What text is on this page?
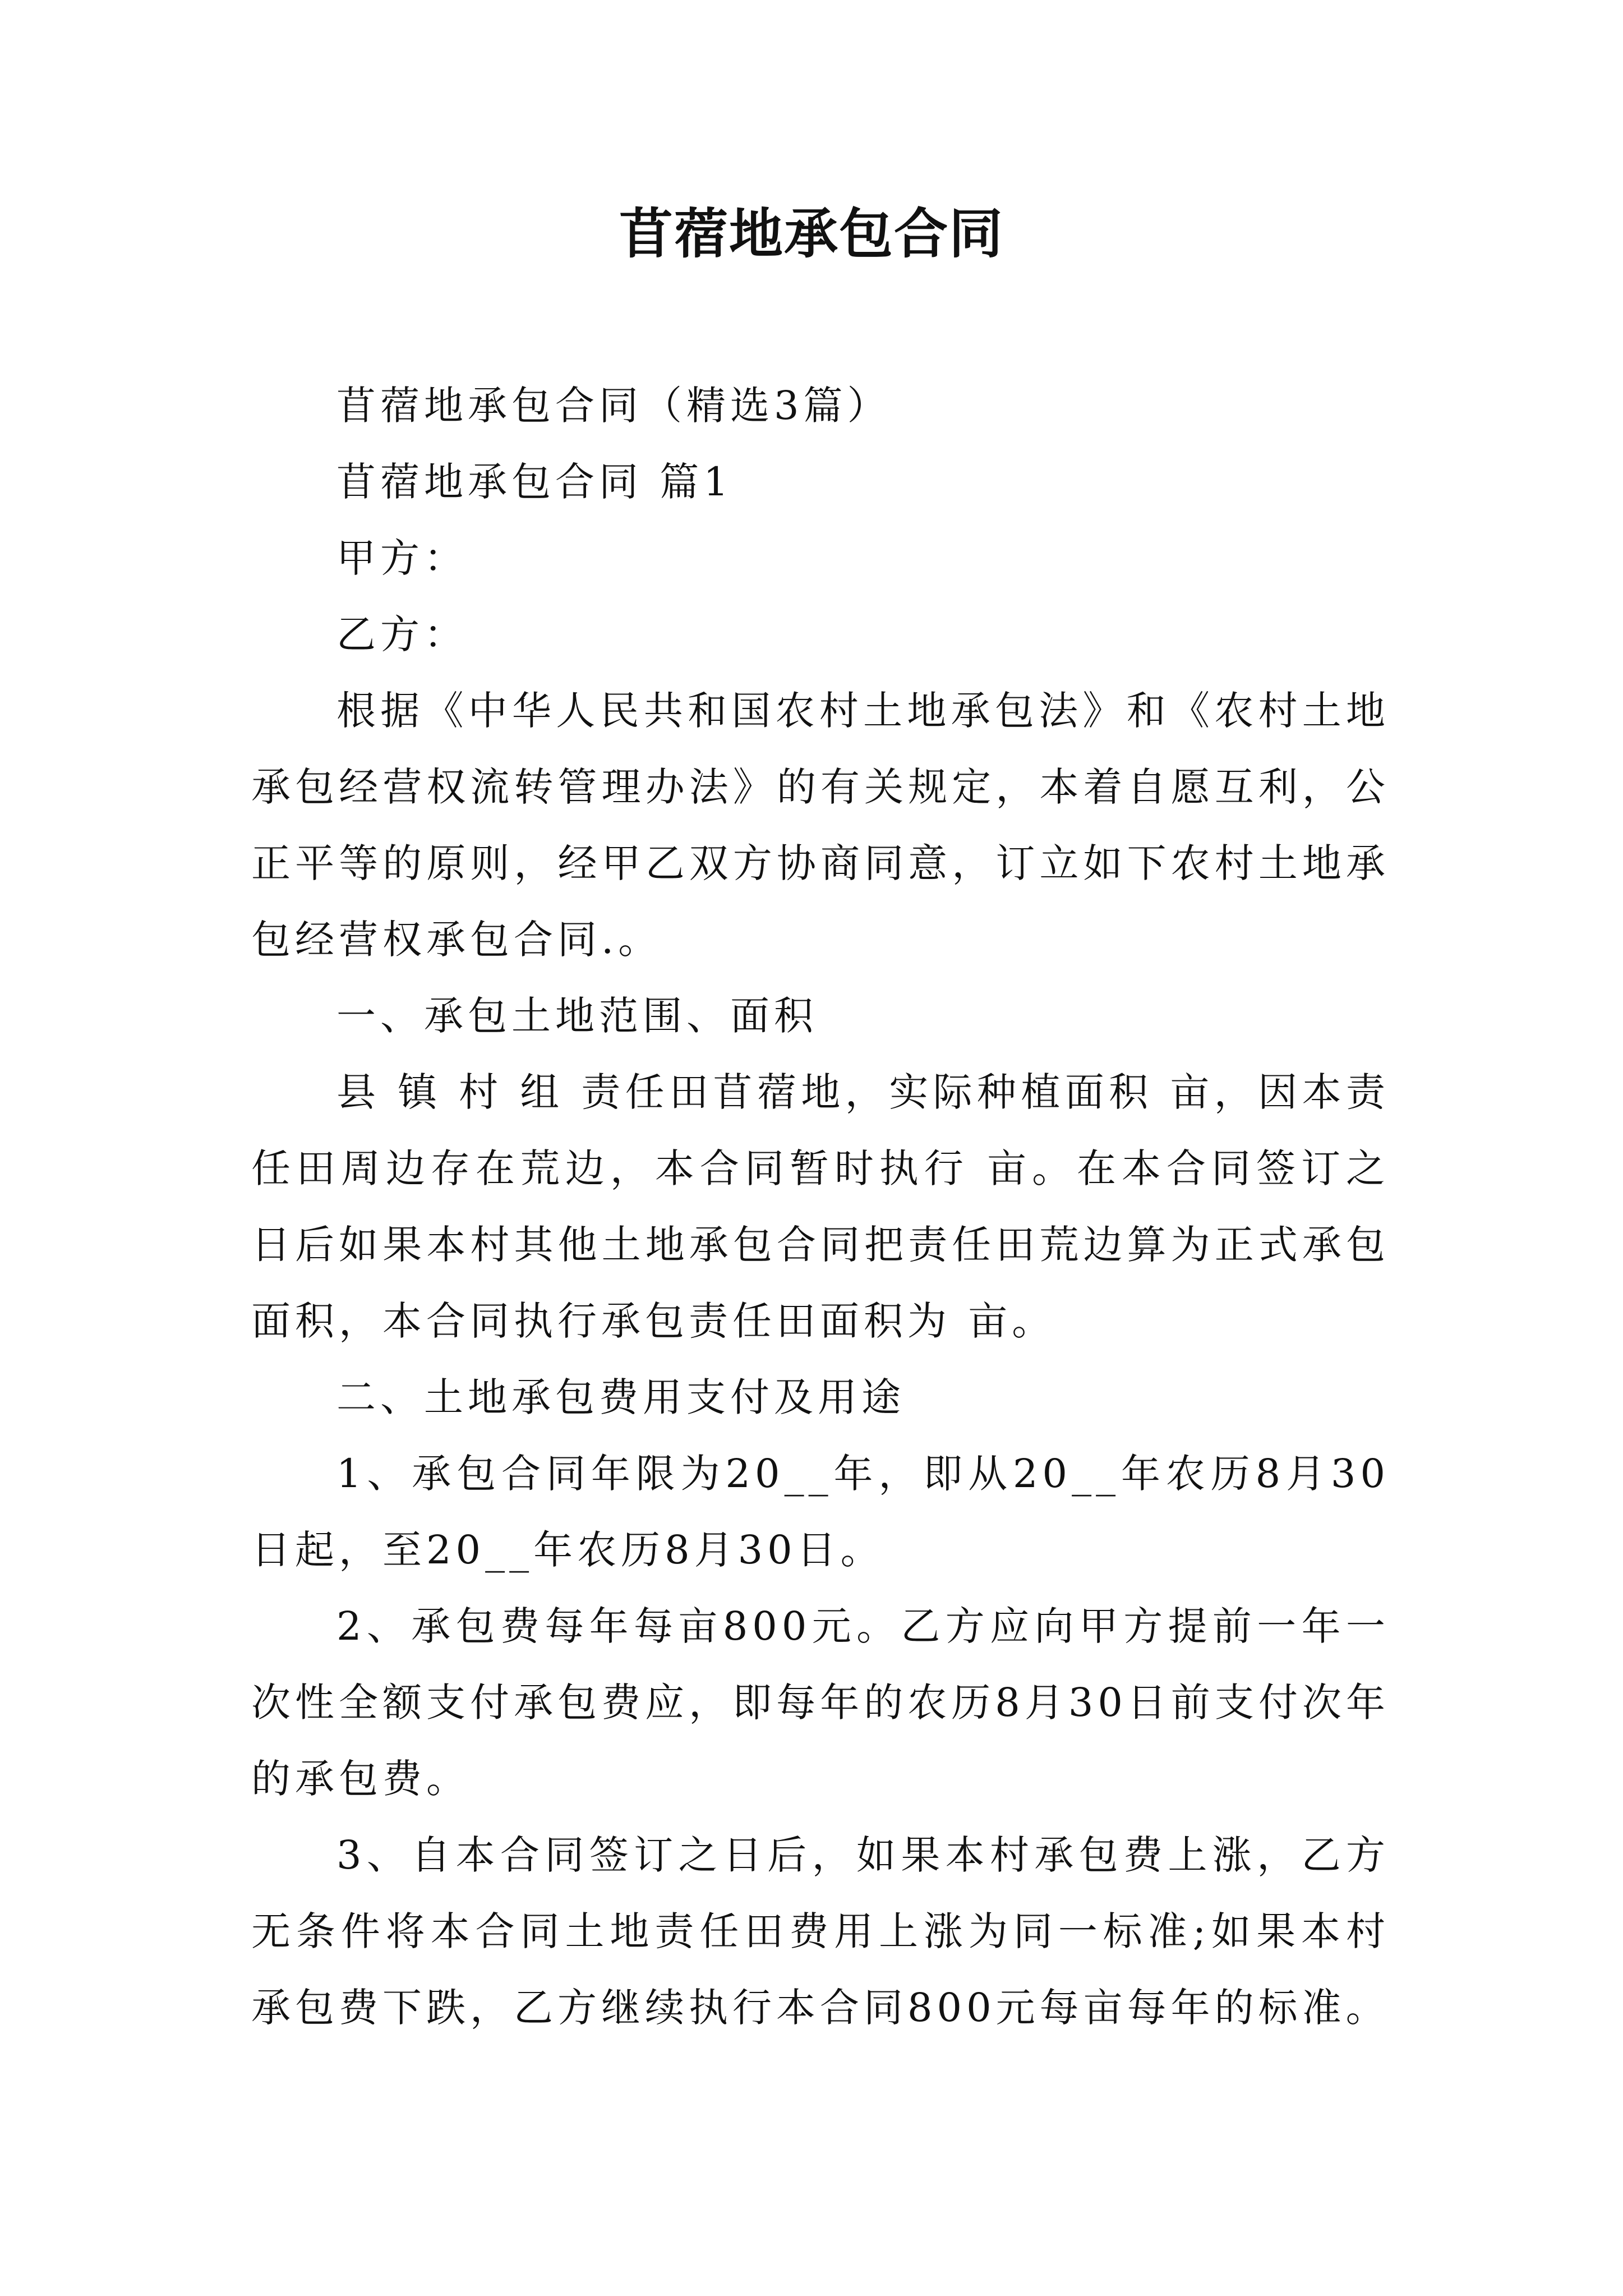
苜蓿地承包合同

苜蓿地承包合同（精选3篇）

苜蓿地承包合同 篇1

甲方：

乙方：

根据《中华人民共和国农村土地承包法》和《农村土地承包经营权流转管理办法》的有关规定，本着自愿互利，公正平等的原则，经甲乙双方协商同意，订立如下农村土地承包经营权承包合同.。

一、承包土地范围、面积

县 镇 村 组 责任田苜蓿地，实际种植面积 亩，因本责任田周边存在荒边，本合同暂时执行 亩。在本合同签订之日后如果本村其他土地承包合同把责任田荒边算为正式承包面积，本合同执行承包责任田面积为 亩。

二、土地承包费用支付及用途

1、承包合同年限为20__年，即从20__年农历8月30日起，至20__年农历8月30日。

2、承包费每年每亩800元。乙方应向甲方提前一年一次性全额支付承包费应，即每年的农历8月30日前支付次年的承包费。

3、自本合同签订之日后，如果本村承包费上涨，乙方无条件将本合同土地责任田费用上涨为同一标准;如果本村承包费下跌，乙方继续执行本合同800元每亩每年的标准。
